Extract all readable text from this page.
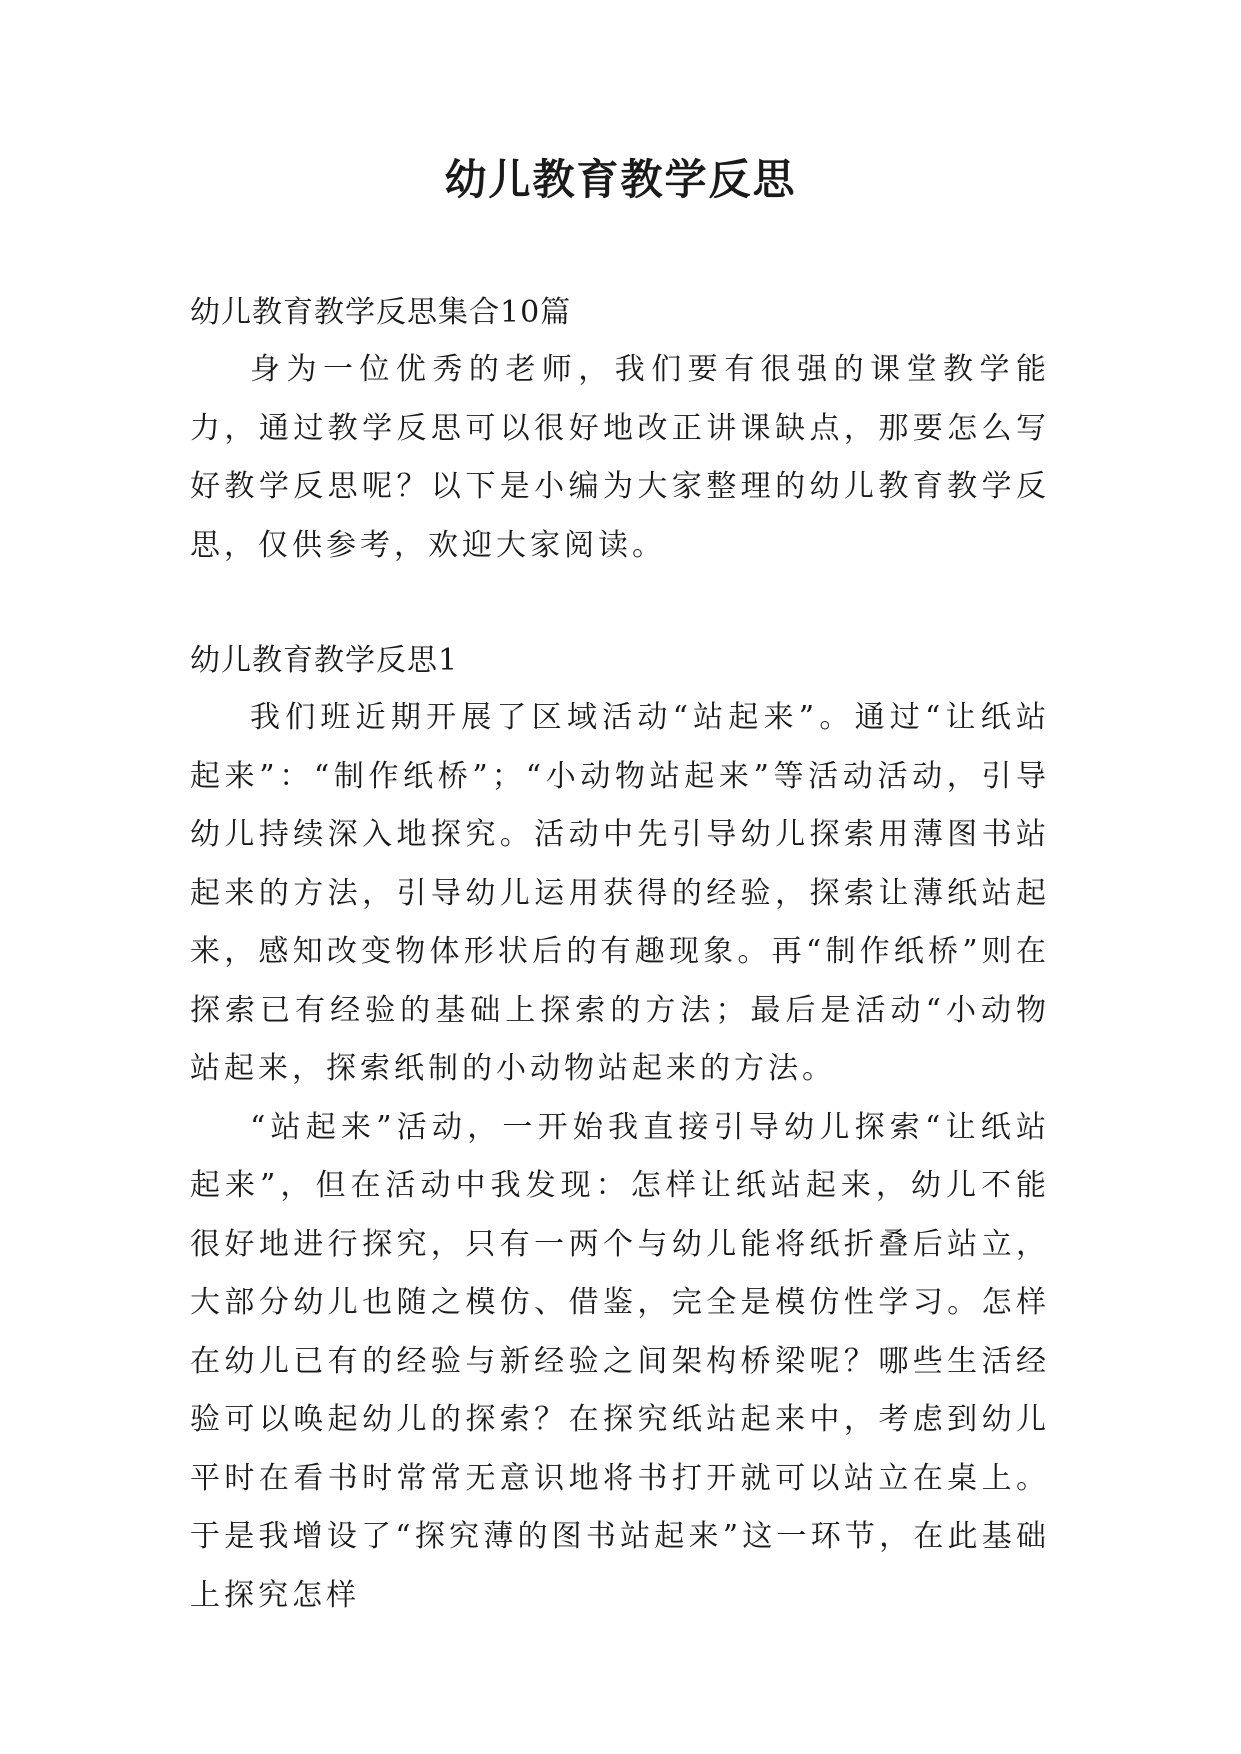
幼儿教育教学反思

幼儿教育教学反思集合10篇

身为一位优秀的老师，我们要有很强的课堂教学能力，通过教学反思可以很好地改正讲课缺点，那要怎么写好教学反思呢？以下是小编为大家整理的幼儿教育教学反思，仅供参考，欢迎大家阅读。

幼儿教育教学反思1

我们班近期开展了区域活动“站起来”。通过“让纸站起来”：“制作纸桥”；“小动物站起来”等活动活动，引导幼儿持续深入地探究。活动中先引导幼儿探索用薄图书站起来的方法，引导幼儿运用获得的经验，探索让薄纸站起来，感知改变物体形状后的有趣现象。再“制作纸桥”则在探索已有经验的基础上探索的方法；最后是活动“小动物站起来，探索纸制的小动物站起来的方法。

“站起来”活动，一开始我直接引导幼儿探索“让纸站起来”，但在活动中我发现：怎样让纸站起来，幼儿不能很好地进行探究，只有一两个与幼儿能将纸折叠后站立，大部分幼儿也随之模仿、借鉴，完全是模仿性学习。怎样在幼儿已有的经验与新经验之间架构桥梁呢？哪些生活经验可以唤起幼儿的探索？在探究纸站起来中，考虑到幼儿平时在看书时常常无意识地将书打开就可以站立在桌上。于是我增设了“探究薄的图书站起来”这一环节，在此基础上探究怎样
